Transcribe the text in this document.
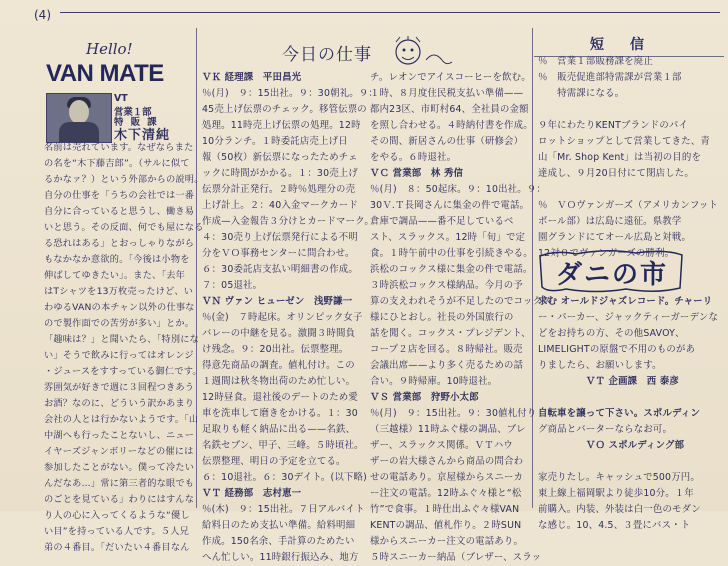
(4)
Hello!
VAN MATE
VT
営業１部
特 販 課
木下清純
名前は売れています。なぜならまた
の名を“木下藤吉郎”。（サルに似て
るかなァ？）という外部からの説明。
自分の仕事を「うちの会社では一番
自分に合っていると思うし、働き易
いと思う。その反面、何でも屋になる
る恐れはある」とおっしゃりながら
もなかなか意欲的。「今後は小物を
伸ばしてゆきたい」。また、「去年
はTシャツを13万枚売ったけど、い
わゆるVANの本チャン以外の仕事な
ので製作面での苦労が多い」とか。
「趣味は？」と聞いたら、「特別にな
い」そうで飲みに行ってはオレンジ
・ジュースをすすっている御仁です。
雰囲気が好きで週に３回程つきあう
お酒？なのに、どういう訳かあまり
会社の人とは行かないようです。「山
中湖へも行ったことないし、ニュー
イヤーズジャンボリーなどの催には
参加したことがない。僕って冷たい
んだなあ…」常に第三者的な眼でも
のごとを見ている」わりにはすんな
り人の心に入ってくるような“優し
い目”を持っている人です。５人兄
弟の４番目。「だいたい４番目なん
今日の仕事
ＶＫ 経理課　平田昌光
％(月)　９：15出社。９：30朝礼。９：
45売上げ伝票のチェック。移管伝票の
処理。11時売上げ伝票の処理。12時
10分ランチ。１時委託店売上げ日
報（50枚）新伝票になったためチェ
ックに時間がかかる。１：30売上げ
伝票分計正発行。２時％処理分の売
上げ計上。２：40入金マークカード
作成—入金報告３分けとカードマーク。
４：30売り上げ伝票発行による不明
分をＶＯ事務センターに問合わせ。
６：30委託店支払い明細書の作成。
７：05退社。
ＶＮ ヴァン ヒューゼン　浅野謙一
％(金)　７時起床。オリンピック女子
バレーの中継を見る。激闘３時間負
け残念。９：20出社。伝票整理。
得意先商品の調査。値札付け。この
１週間は秋冬物出荷のため忙しい。
12時昼食。退社後のデートのため愛
車を洗車して磨きをかける。１：30
足取りも軽く納品に出る——名鉄、
名鉄セブン、甲子、三峰。５時頃社。
伝票整理、明日の予定を立てる。
６：10退社。６：30デイト。(以下略)
ＶＴ 経務部　志村恵一
％(木)　９：15出社。７日アルバイト
給料日のため支払い準備。給料明細
作成。150名余、手計算のためたい
へん忙しい。11時銀行振込み、地方
チ。レオンでアイスコーヒーを飲む。
１時、８月度住民税支払い準備——
都内23区、市町村64、全社員の金額
を照し合わせる。４時納付書を作成。
その間、新居さんの仕事（研修会）
をやる。６時退社。
ＶＣ 営業部　林 秀信
％(月)　８：50起床。９：10出社。９：
30Ｖ.Ｔ長岡さんに集金の件で電話。
倉庫で調品——番不足しているベ
スト、スラックス。12時「旬」で定
食。１時午前中の仕事を引続きやる。
浜松のコックス様に集金の件で電話。
３時浜松コックス様納品。今月の予
算の支えわれそうが不足したのでコックス
様にひとおし。社長の外国旅行の
話を聞く。コックス・プレジデント、
コープ２店を回る。８時帰社。販売
会議出席——より多く売るための話
合い。９時帰庫。10時退社。
ＶＳ 営業部　狩野小太郎
％(月)　９：15出社。９：30値札付り
（三越様）11時ふぐ様の調品、ブレ
ザー、スラックス関係。ＶＴハウ
ザーの岩大様さんから商品の問合わ
せの電話あり。京屋様からスニーカ
ー注文の電話。12時ふぐ々様と“松
竹”で食事。１時仕出ふぐ々様VAN
KENTの調品、値札作り。２時SUN
様からスニーカー注文の電話あり。
５時スニーカー納品（ブレザー、スラッ
短　信
％　営業１部販務課を廃止
％　販売促進部特需課が営業１部
　　特需課になる。
９年にわたりKENTブランドのパイ
ロットショップとして営業してきた、青
山「Mr. Shop Kent」は当初の目的を
達成し、９月20日付にて閉店した。
％　ＶＯヴァンガーズ（アメリカンフット
ボール部）は広島に遠征。県教学
園グランドにてオール広島と対戦。
12対０でヴァンガーズの勝利。
ダニの市
求む オールドジャズレコード。チャーリ
ー・パーカー、ジャックティーガーデンな
どをお持ちの方、その他SAVOY、
LIMELIGHTの原盤で不用のものがあ
りましたら、お願いします。
　　　　　ＶＴ 企画課　西 泰彦
自転車を譲って下さい。スポルディン
グ商品とバーターならなお可。
　　　　　ＶＯ スポルディング部
家売りたし。キャッシュで500万円。
東上線上福岡駅より徒歩10分。１年
前購入。内装、外装は白一色のモダン
な感じ。10、4.5、３畳にバス・ト
